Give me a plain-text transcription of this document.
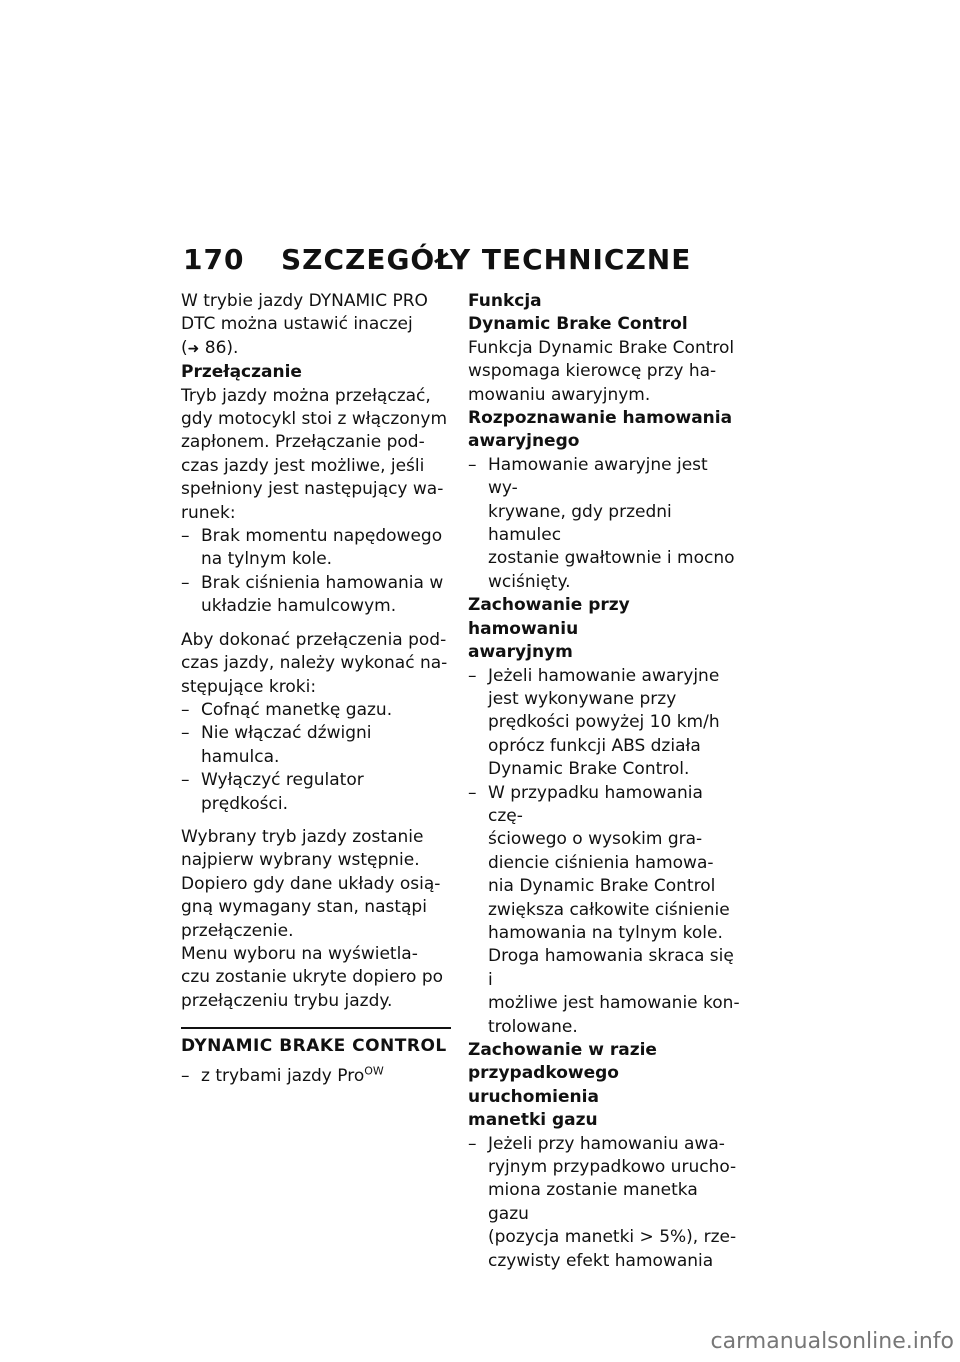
170	SZCZEGÓŁY TECHNICZNE

W trybie jazdy DYNAMIC PRO

DTC można ustawić inaczej

(➜ 86).

Przełączanie

Tryb jazdy można przełączać,

gdy motocykl stoi z włączonym

zapłonem. Przełączanie pod-

czas jazdy jest możliwe, jeśli

spełniony jest następujący wa-

runek:

– Brak momentu napędowego
na tylnym kole.
– Brak ciśnienia hamowania w
układzie hamulcowym.

Aby dokonać przełączenia pod-

czas jazdy, należy wykonać na-

stępujące kroki:

– Cofnąć manetkę gazu.
– Nie włączać dźwigni hamulca.
– Wyłączyć regulator prędkości.

Wybrany tryb jazdy zostanie

najpierw wybrany wstępnie.

Dopiero gdy dane układy osią-

gną wymagany stan, nastąpi

przełączenie.

Menu wyboru na wyświetla-

czu zostanie ukryte dopiero po

przełączeniu trybu jazdy.

DYNAMIC BRAKE CONTROL

– z trybami jazdy Pro$^{OW}$

Funkcja

Dynamic Brake Control

Funkcja Dynamic Brake Control

wspomaga kierowcę przy ha-

mowaniu awaryjnym.

Rozpoznawanie hamowania

awaryjnego

– Hamowanie awaryjne jest wy-
krywane, gdy przedni hamulec
zostanie gwałtownie i mocno
wciśnięty.

Zachowanie przy hamowaniu

awaryjnym

– Jeżeli hamowanie awaryjne
jest wykonywane przy
prędkości powyżej 10 km/h
oprócz funkcji ABS działa
Dynamic Brake Control.
– W przypadku hamowania czę-
ściowego o wysokim gra-
diencie ciśnienia hamowa-
nia Dynamic Brake Control
zwiększa całkowite ciśnienie
hamowania na tylnym kole.
Droga hamowania skraca się i
możliwe jest hamowanie kon-
trolowane.

Zachowanie w razie

przypadkowego uruchomienia

manetki gazu

– Jeżeli przy hamowaniu awa-
ryjnym przypadkowo urucho-
miona zostanie manetka gazu
(pozycja manetki > 5%), rze-
czywisty efekt hamowania
carmanualsonline.info
